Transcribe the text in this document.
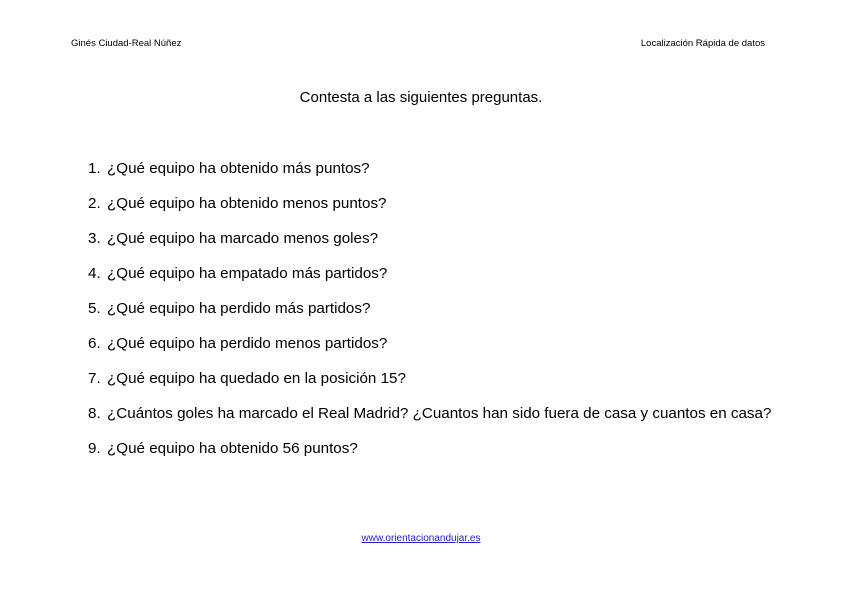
Ginés Ciudad-Real Núñez	Localización Rápida de datos
Contesta a las siguientes preguntas.
1. ¿Qué equipo ha obtenido más puntos?
2. ¿Qué equipo ha obtenido menos puntos?
3. ¿Qué equipo ha marcado menos goles?
4. ¿Qué equipo ha empatado más partidos?
5. ¿Qué equipo ha perdido más partidos?
6. ¿Qué equipo ha perdido menos partidos?
7. ¿Qué equipo ha quedado en la posición 15?
8. ¿Cuántos goles ha marcado el Real Madrid? ¿Cuantos han sido fuera de casa y cuantos en casa?
9. ¿Qué equipo ha obtenido 56 puntos?
www.orientacionandujar.es
